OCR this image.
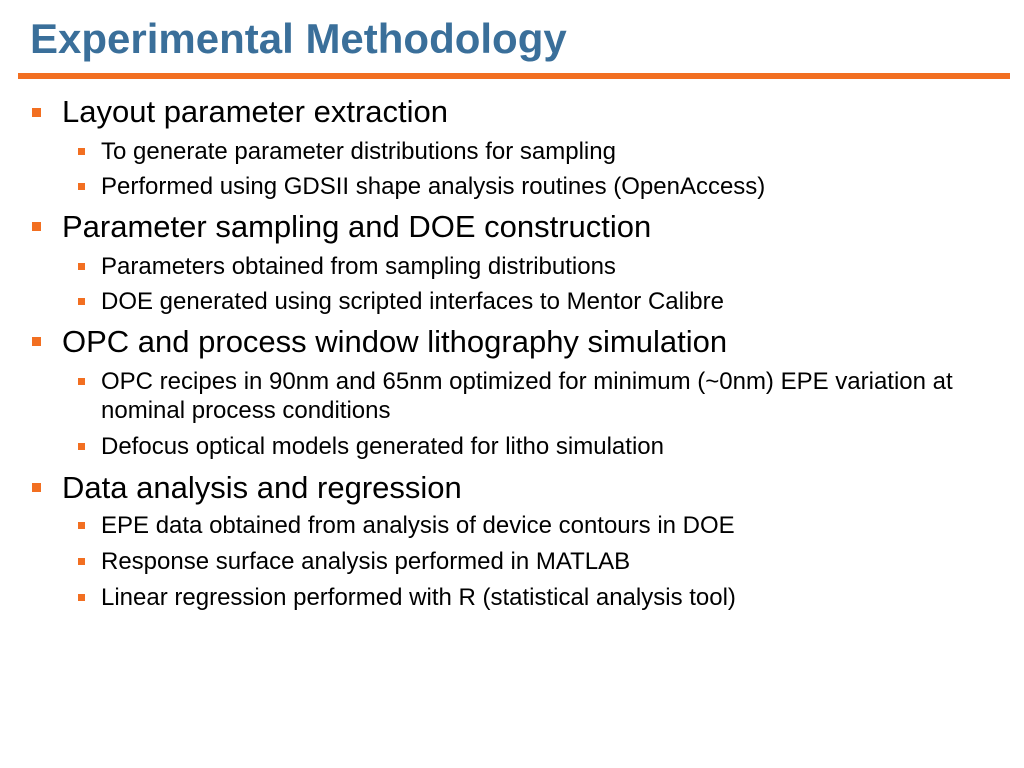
Experimental Methodology
Layout parameter extraction
To generate parameter distributions for sampling
Performed using GDSII shape analysis routines (OpenAccess)
Parameter sampling and DOE construction
Parameters obtained from sampling distributions
DOE generated using scripted interfaces to Mentor Calibre
OPC and process window lithography simulation
OPC recipes in 90nm and 65nm optimized for minimum (~0nm) EPE variation at nominal process conditions
Defocus optical models generated for litho simulation
Data analysis and regression
EPE data obtained from analysis of device contours in DOE
Response surface analysis performed in MATLAB
Linear regression performed with R (statistical analysis tool)
